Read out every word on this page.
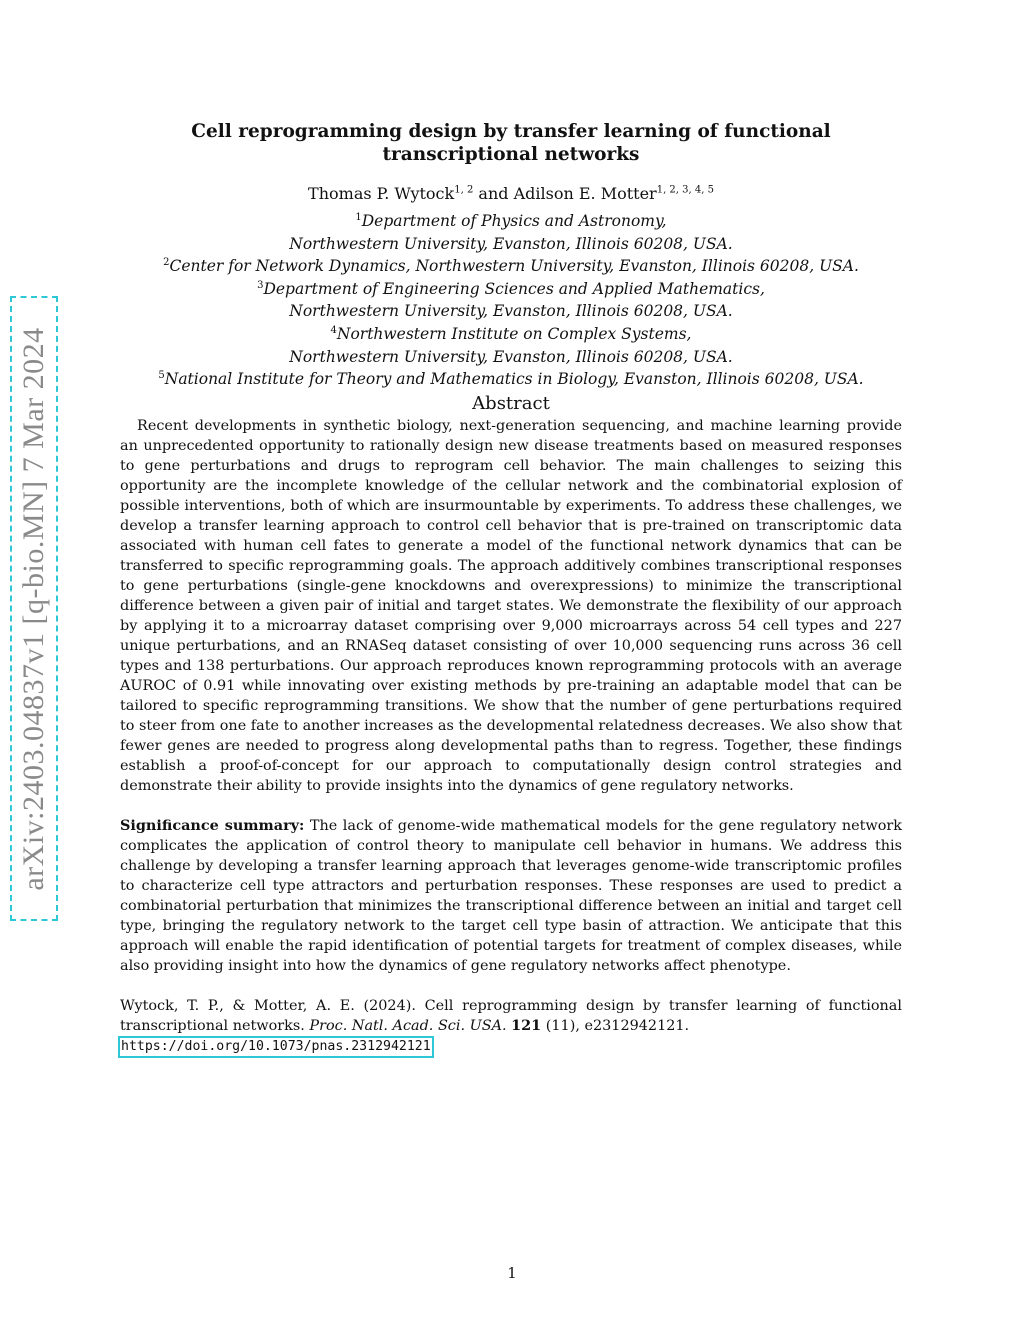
arXiv:2403.04837v1 [q-bio.MN] 7 Mar 2024
Cell reprogramming design by transfer learning of functional transcriptional networks
Thomas P. Wytock$^{1, 2}$ and Adilson E. Motter$^{1, 2, 3, 4, 5}$
$^1$Department of Physics and Astronomy,
Northwestern University, Evanston, Illinois 60208, USA.
$^2$Center for Network Dynamics, Northwestern University, Evanston, Illinois 60208, USA.
$^3$Department of Engineering Sciences and Applied Mathematics,
Northwestern University, Evanston, Illinois 60208, USA.
$^4$Northwestern Institute on Complex Systems,
Northwestern University, Evanston, Illinois 60208, USA.
$^5$National Institute for Theory and Mathematics in Biology, Evanston, Illinois 60208, USA.
Abstract

Recent developments in synthetic biology, next-generation sequencing, and machine learning provide an unprecedented opportunity to rationally design new disease treatments based on measured responses to gene perturbations and drugs to reprogram cell behavior. The main challenges to seizing this opportunity are the incomplete knowledge of the cellular network and the combinatorial explosion of possible interventions, both of which are insurmountable by experiments. To address these challenges, we develop a transfer learning approach to control cell behavior that is pre-trained on transcriptomic data associated with human cell fates to generate a model of the functional network dynamics that can be transferred to specific reprogramming goals. The approach additively combines transcriptional responses to gene perturbations (single-gene knockdowns and overexpressions) to minimize the transcriptional difference between a given pair of initial and target states. We demonstrate the flexibility of our approach by applying it to a microarray dataset comprising over 9,000 microarrays across 54 cell types and 227 unique perturbations, and an RNASeq dataset consisting of over 10,000 sequencing runs across 36 cell types and 138 perturbations. Our approach reproduces known reprogramming protocols with an average AUROC of 0.91 while innovating over existing methods by pre-training an adaptable model that can be tailored to specific reprogramming transitions. We show that the number of gene perturbations required to steer from one fate to another increases as the developmental relatedness decreases. We also show that fewer genes are needed to progress along developmental paths than to regress. Together, these findings establish a proof-of-concept for our approach to computationally design control strategies and demonstrate their ability to provide insights into the dynamics of gene regulatory networks.

Significance summary: The lack of genome-wide mathematical models for the gene regulatory network complicates the application of control theory to manipulate cell behavior in humans. We address this challenge by developing a transfer learning approach that leverages genome-wide transcriptomic profiles to characterize cell type attractors and perturbation responses. These responses are used to predict a combinatorial perturbation that minimizes the transcriptional difference between an initial and target cell type, bringing the regulatory network to the target cell type basin of attraction. We anticipate that this approach will enable the rapid identification of potential targets for treatment of complex diseases, while also providing insight into how the dynamics of gene regulatory networks affect phenotype.

Wytock, T. P., & Motter, A. E. (2024). Cell reprogramming design by transfer learning of functional transcriptional networks. Proc. Natl. Acad. Sci. USA. 121 (11), e2312942121.
https://doi.org/10.1073/pnas.2312942121

1
